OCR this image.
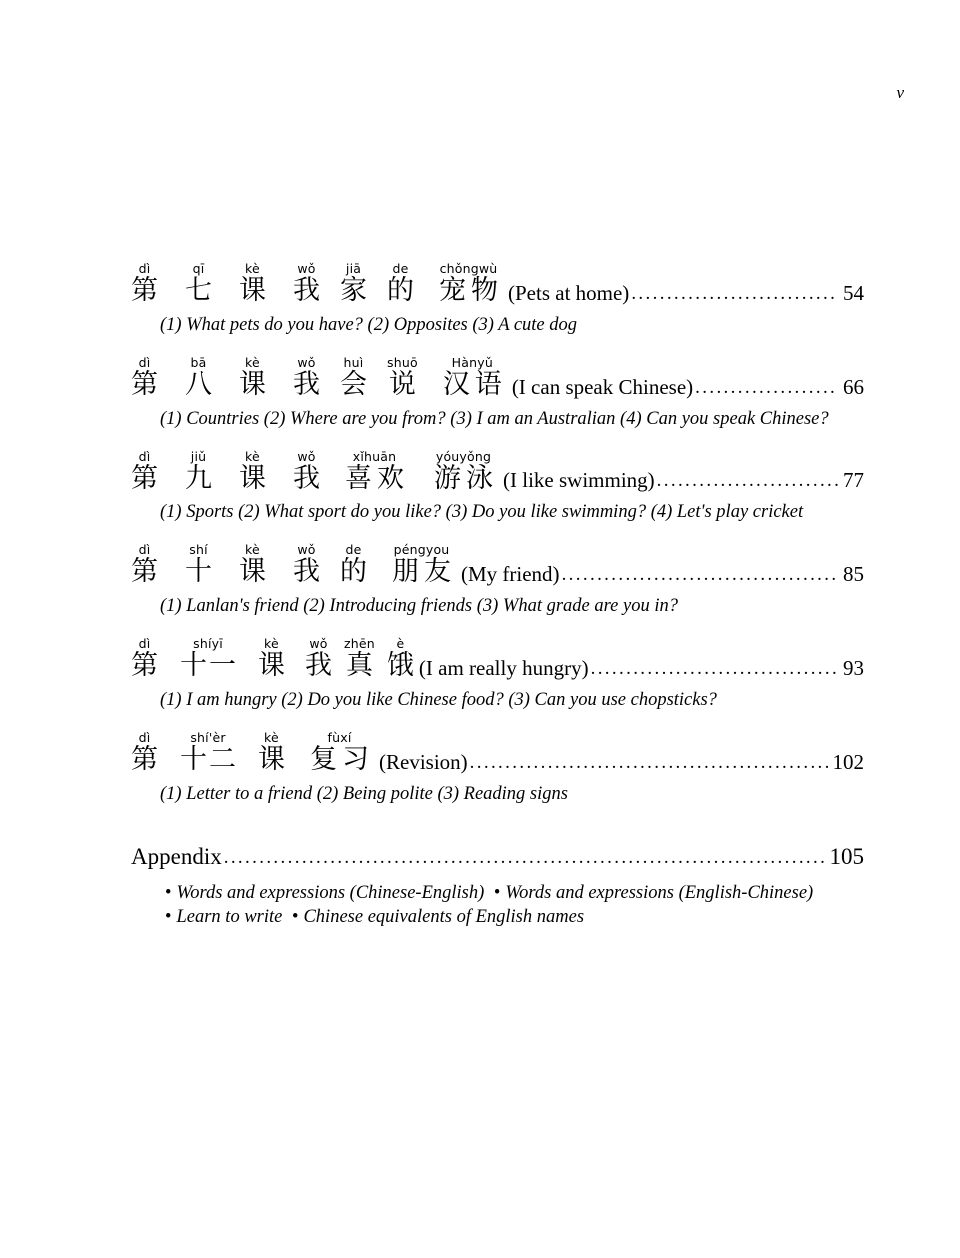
v
dì
第
qī
七
kè
课
wǒ
我
jiā
家
de
的
chǒngwù
宠物 (Pets at home) . . .	54
(1) What pets do you have? (2) Opposites (3) A cute dog
dì
第
bā
八
kè
课
wǒ
我
huì
会
shuō
说
Hànyǔ
汉语 (I can speak Chinese) . . .	66
(1) Countries (2) Where are you from? (3) I am an Australian (4) Can you speak Chinese?
dì
第
jiǔ
九
kè
课
wǒ
我
xǐhuān
喜欢
yóuyǒng
游泳 (I like swimming) . . .	77
(1) Sports (2) What sport do you like? (3) Do you like swimming? (4) Let's play cricket
dì
第
shí
十
kè
课
wǒ
我
de
的
péngyou
朋友 (My friend) . . .	85
(1) Lanlan's friend (2) Introducing friends (3) What grade are you in?
dì
第
shíyī
十一
kè
课
wǒ
我
zhēn
真
è
饿 (I am really hungry) . . .	93
(1) I am hungry (2) Do you like Chinese food? (3) Can you use chopsticks?
dì
第
shí'èr
十二
kè
课
fùxí
复习 (Revision) . . .	102
(1) Letter to a friend (2) Being polite (3) Reading signs
Appendix . . .	105
• Words and expressions (Chinese-English) • Words and expressions (English-Chinese) • Learn to write • Chinese equivalents of English names
